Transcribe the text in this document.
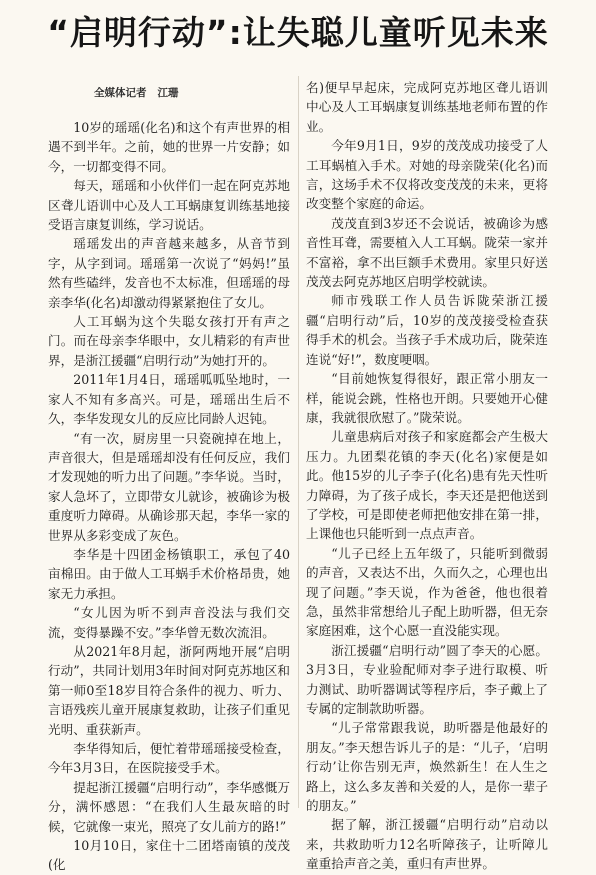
“启明行动”:让失聪儿童听见未来
全媒体记者   江珊

10岁的瑶瑶(化名)和这个有声世界的相遇不到半年。之前，她的世界一片安静；如今，一切都变得不同。

每天，瑶瑶和小伙伴们一起在阿克苏地区聋儿语训中心及人工耳蜗康复训练基地接受语言康复训练，学习说话。

瑶瑶发出的声音越来越多，从音节到字，从字到词。瑶瑶第一次说了“妈妈!”虽然有些磕绊，发音也不太标准，但瑶瑶的母亲李华(化名)却激动得紧紧抱住了女儿。

人工耳蜗为这个失聪女孩打开有声之门。而在母亲李华眼中，女儿精彩的有声世界，是浙江援疆“启明行动”为她打开的。

2011年1月4日，瑶瑶呱呱坠地时，一家人不知有多高兴。可是，瑶瑶出生后不久，李华发现女儿的反应比同龄人迟钝。

“有一次，厨房里一只瓷碗掉在地上，声音很大，但是瑶瑶却没有任何反应，我们才发现她的听力出了问题。”李华说。当时，家人急坏了，立即带女儿就诊，被确诊为极重度听力障碍。从确诊那天起，李华一家的世界从多彩变成了灰色。

李华是十四团金杨镇职工，承包了40亩棉田。由于做人工耳蜗手术价格昂贵，她家无力承担。

“女儿因为听不到声音没法与我们交流，变得暴躁不安。”李华曾无数次流泪。

从2021年8月起，浙阿两地开展“启明行动”，共同计划用3年时间对阿克苏地区和第一师0至18岁目符合条件的视力、听力、言语残疾儿童开展康复救助，让孩子们重见光明、重获新声。

李华得知后，便忙着带瑶瑶接受检查，今年3月3日，在医院接受手术。

提起浙江援疆“启明行动”，李华感慨万分，满怀感恩：“在我们人生最灰暗的时候，它就像一束光，照亮了女儿前方的路!”

10月10日，家住十二团塔南镇的茂茂(化

名)便早早起床，完成阿克苏地区聋儿语训中心及人工耳蜗康复训练基地老师布置的作业。

今年9月1日，9岁的茂茂成功接受了人工耳蜗植入手术。对她的母亲陇荣(化名)而言，这场手术不仅将改变茂茂的未来，更将改变整个家庭的命运。

茂茂直到3岁还不会说话，被确诊为感音性耳聋，需要植入人工耳蜗。陇荣一家并不富裕，拿不出巨额手术费用。家里只好送茂茂去阿克苏地区启明学校就读。

师市残联工作人员告诉陇荣浙江援疆“启明行动”后，10岁的茂茂接受检查获得手术的机会。当孩子手术成功后，陇荣连连说“好!”，数度哽咽。

“目前她恢复得很好，跟正常小朋友一样，能说会跳，性格也开朗。只要她开心健康，我就很欣慰了。”陇荣说。

儿童患病后对孩子和家庭都会产生极大压力。九团梨花镇的李天(化名)家便是如此。他15岁的儿子李子(化名)患有先天性听力障碍，为了孩子成长，李天还是把他送到了学校，可是即使老师把他安排在第一排，上课他也只能听到一点点声音。

“儿子已经上五年级了，只能听到微弱的声音，又表达不出，久而久之，心理也出现了问题。”李天说，作为爸爸，他也很着急，虽然非常想给儿子配上助听器，但无奈家庭困难，这个心愿一直没能实现。

浙江援疆“启明行动”圆了李天的心愿。3月3日，专业验配师对李子进行取模、听力测试、助听器调试等程序后，李子戴上了专属的定制款助听器。

“儿子常常跟我说，助听器是他最好的朋友。”李天想告诉儿子的是：“儿子，‘启明行动’让你告别无声，焕然新生！在人生之路上，这么多友善和关爱的人，是你一辈子的朋友。”

据了解，浙江援疆“启明行动”启动以来，共救助听力12名听障孩子，让听障儿童重拾声音之美，重归有声世界。
